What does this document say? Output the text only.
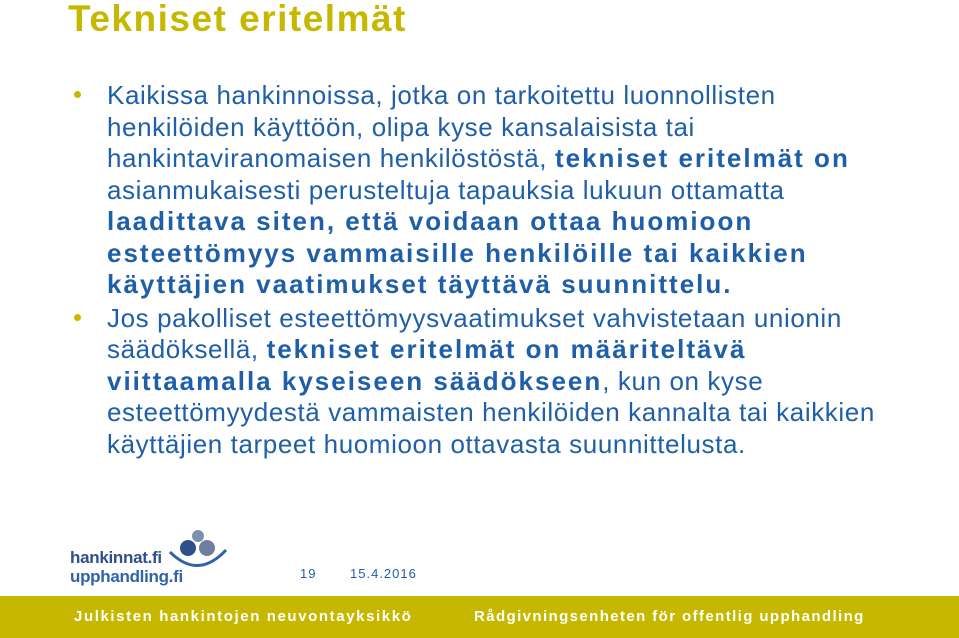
Tekniset eritelmät
Kaikissa hankinnoissa, jotka on tarkoitettu luonnollisten henkilöiden käyttöön, olipa kyse kansalaisista tai hankintaviranomaisen henkilöstöstä, tekniset eritelmät on asianmukaisesti perusteltuja tapauksia lukuun ottamatta laadittava siten, että voidaan ottaa huomioon esteettömyys vammaisille henkilöille tai kaikkien käyttäjien vaatimukset täyttävä suunnittelu.
Jos pakolliset esteettömyysvaatimukset vahvistetaan unionin säädöksellä, tekniset eritelmät on määriteltävä viittaamalla kyseiseen säädökseen, kun on kyse esteettömyydestä vammaisten henkilöiden kannalta tai kaikkien käyttäjien tarpeet huomioon ottavasta suunnittelusta.
hankinnat.fi
upphandling.fi	19	15.4.2016
Julkisten hankintojen neuvontayksikkö	Rådgivningsenheten för offentlig upphandling
